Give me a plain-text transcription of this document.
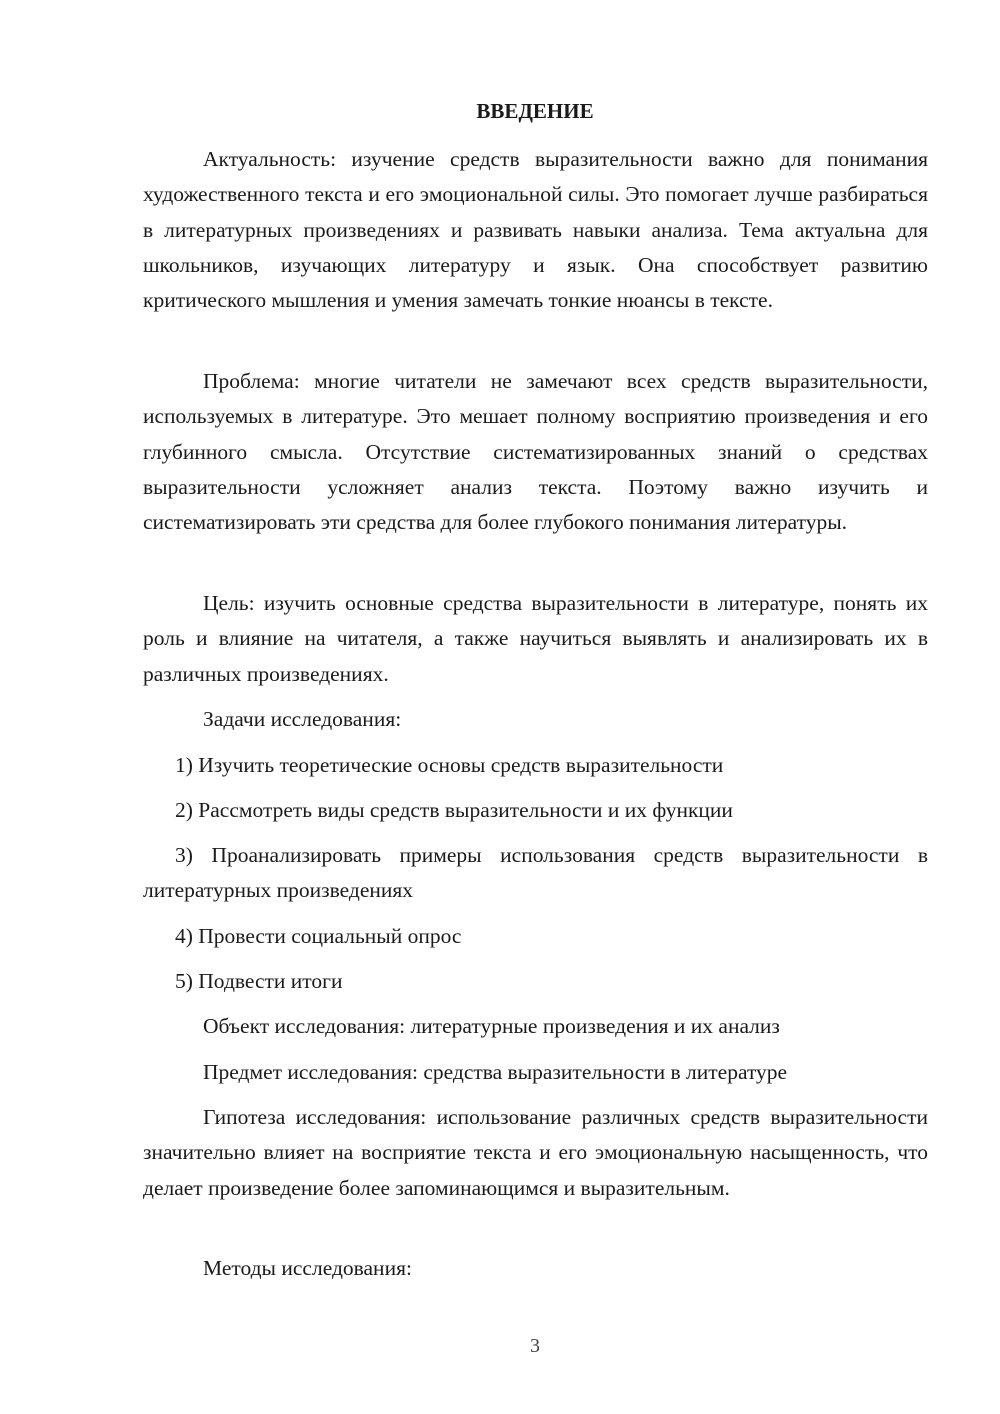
ВВЕДЕНИЕ

Актуальность: изучение средств выразительности важно для понимания художественного текста и его эмоциональной силы. Это помогает лучше разбираться в литературных произведениях и развивать навыки анализа. Тема актуальна для школьников, изучающих литературу и язык. Она способствует развитию критического мышления и умения замечать тонкие нюансы в тексте.

Проблема: многие читатели не замечают всех средств выразительности, используемых в литературе. Это мешает полному восприятию произведения и его глубинного смысла. Отсутствие систематизированных знаний о средствах выразительности усложняет анализ текста. Поэтому важно изучить и систематизировать эти средства для более глубокого понимания литературы.

Цель: изучить основные средства выразительности в литературе, понять их роль и влияние на читателя, а также научиться выявлять и анализировать их в различных произведениях.

Задачи исследования:

1) Изучить теоретические основы средств выразительности

2) Рассмотреть виды средств выразительности и их функции

3) Проанализировать примеры использования средств выразительности в литературных произведениях

4) Провести социальный опрос

5) Подвести итоги

Объект исследования: литературные произведения и их анализ

Предмет исследования: средства выразительности в литературе

Гипотеза исследования: использование различных средств выразительности значительно влияет на восприятие текста и его эмоциональную насыщенность, что делает произведение более запоминающимся и выразительным.

Методы исследования:

3
